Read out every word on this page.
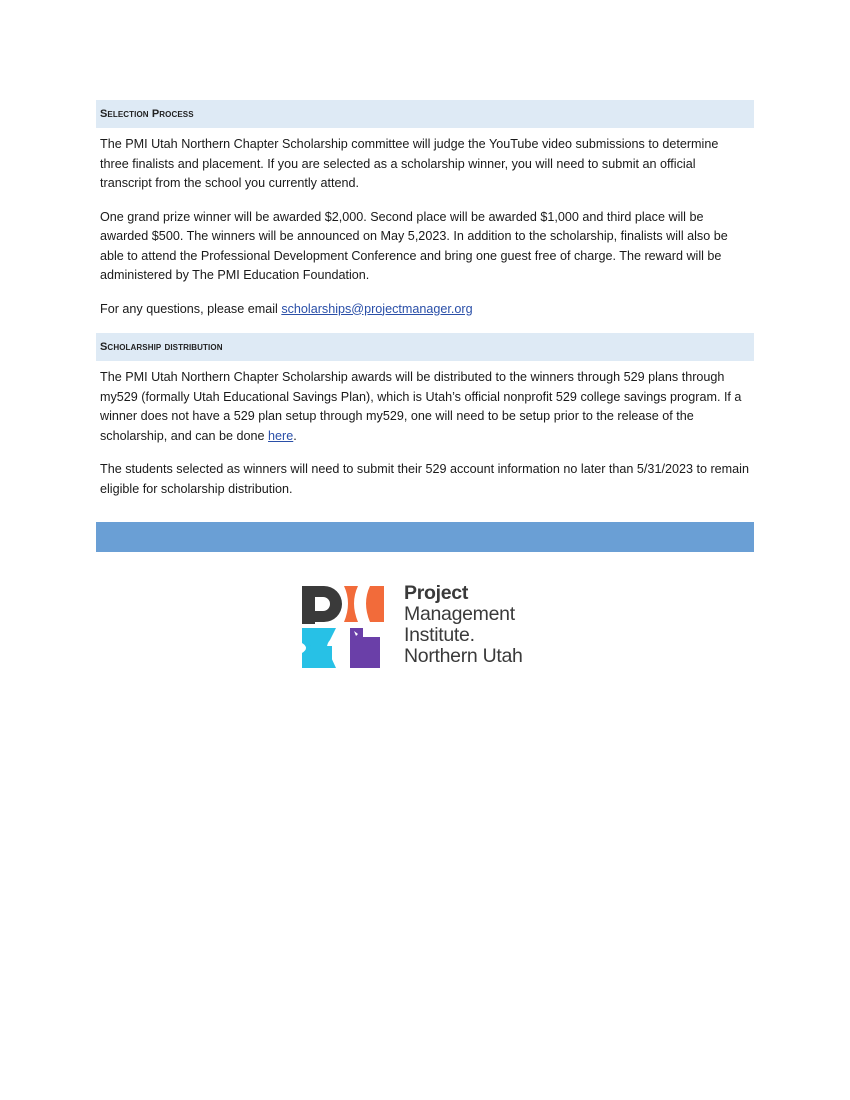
Selection Process

The PMI Utah Northern Chapter Scholarship committee will judge the YouTube video submissions to determine three finalists and placement. If you are selected as a scholarship winner, you will need to submit an official transcript from the school you currently attend.

One grand prize winner will be awarded $2,000. Second place will be awarded $1,000 and third place will be awarded $500. The winners will be announced on May 5,2023. In addition to the scholarship, finalists will also be able to attend the Professional Development Conference and bring one guest free of charge. The reward will be administered by The PMI Education Foundation.

For any questions, please email scholarships@projectmanager.org

Scholarship distribution

The PMI Utah Northern Chapter Scholarship awards will be distributed to the winners through 529 plans through my529 (formally Utah Educational Savings Plan), which is Utah’s official nonprofit 529 college savings program. If a winner does not have a 529 plan setup through my529, one will need to be setup prior to the release of the scholarship, and can be done here.

The students selected as winners will need to submit their 529 account information no later than 5/31/2023 to remain eligible for scholarship distribution.

Project
Management
Institute.
Northern Utah
